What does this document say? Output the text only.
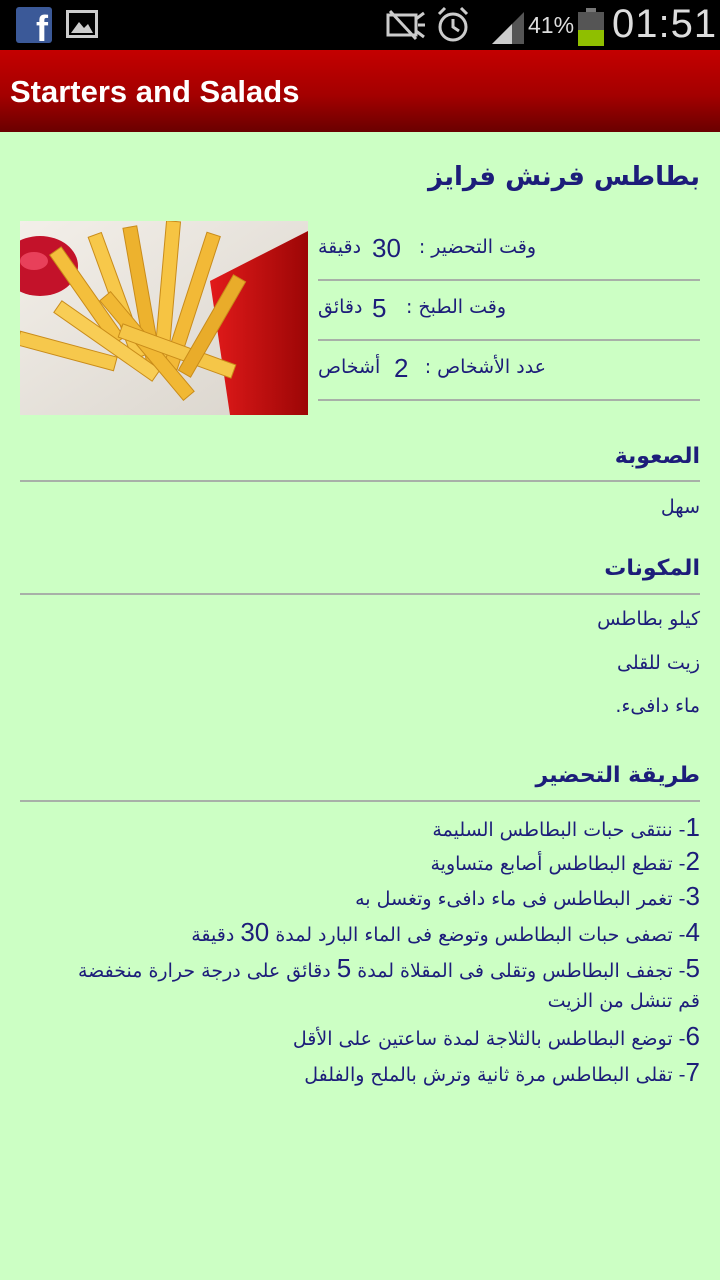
f	41% 01:51
Starters and Salads
بطاطس فرنش فرايز
وقت التحضير :
30
دقيقة
وقت الطبخ :
5
دقائق
عدد الأشخاص :
2
أشخاص
الصعوبة
سهل
المكونات
كيلو بطاطس
زيت للقلى
ماء دافىء.
طريقة التحضير
1- ننتقى حبات البطاطس السليمة
2- تقطع البطاطس أصابع متساوية
3- تغمر البطاطس فى ماء دافىء وتغسل به
4- تصفى حبات البطاطس وتوضع فى الماء البارد لمدة 30 دقيقة
5- تجفف البطاطس وتقلى فى المقلاة لمدة 5 دقائق على درجة حرارة منخفضة
قم تنشل من الزيت
6- توضع البطاطس بالثلاجة لمدة ساعتين على الأقل
7- تقلى البطاطس مرة ثانية وترش بالملح والفلفل
